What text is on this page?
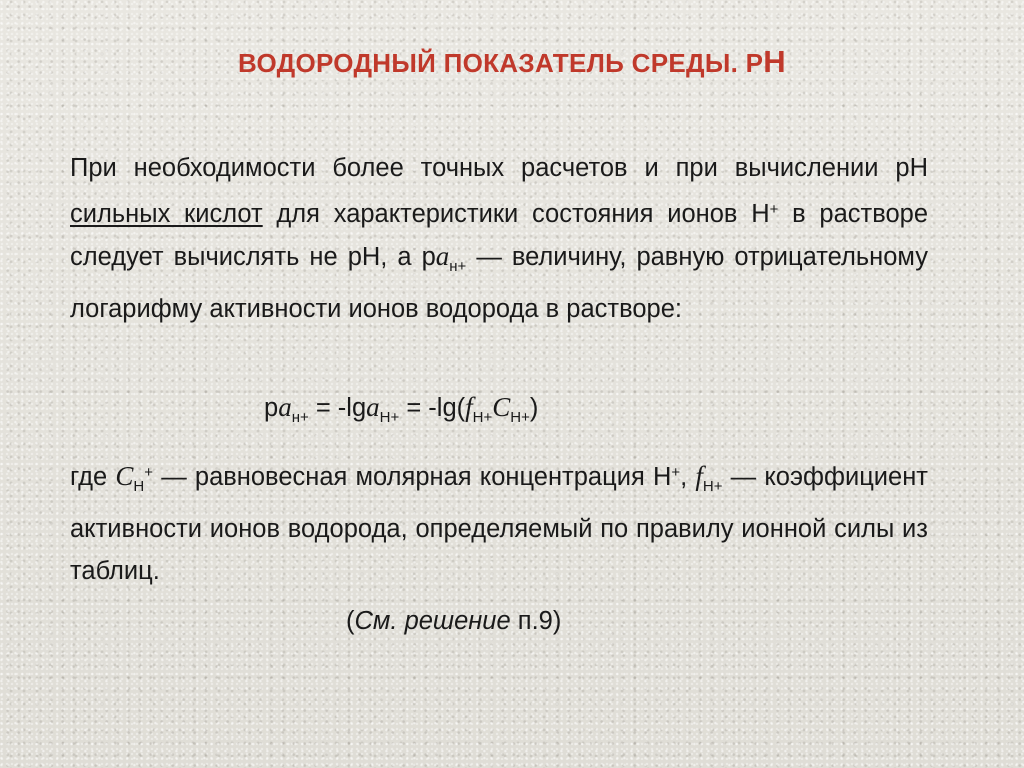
ВОДОРОДНЫЙ ПОКАЗАТЕЛЬ СРЕДЫ. РН
При необходимости более точных расчетов и при вычислении pH сильных кислот для характеристики состояния ионов Н+ в растворе следует вычислять не pH, а $pa_{н+}$ — величину, равную отрицательному логарифму активности ионов водорода в растворе:
$pa_{н+} = -\lg a_{H+} = -\lg(f_{H+}C_{H+})$
где $C_H^+$ — равновесная молярная концентрация Н+, $f_{H+}$ — коэффициент активности ионов водорода, определяемый по правилу ионной силы из таблиц.
(См. решение п.9)
